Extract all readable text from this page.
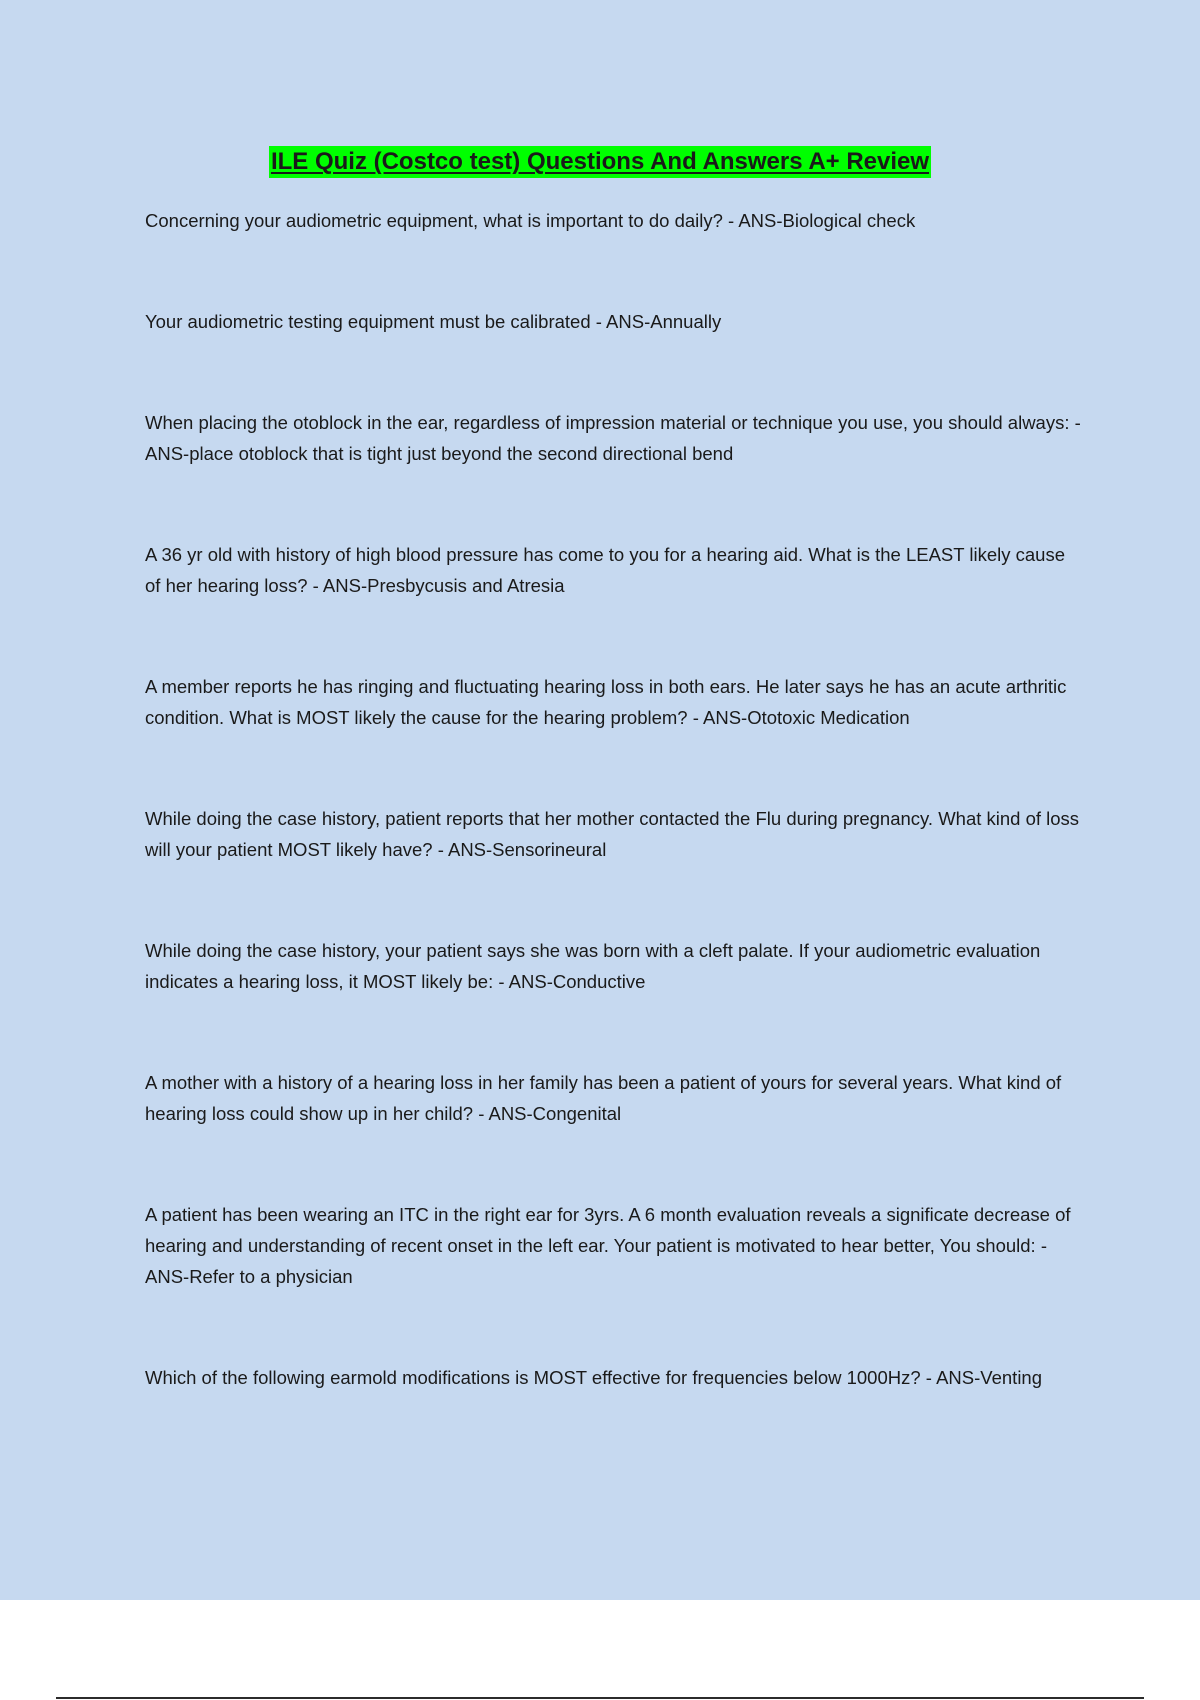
ILE Quiz (Costco test) Questions And Answers A+ Review
Concerning your audiometric equipment, what is important to do daily? - ANS-Biological check
Your audiometric testing equipment must be calibrated - ANS-Annually
When placing the otoblock in the ear, regardless of impression material or technique you use, you should always: - ANS-place otoblock that is tight just beyond the second directional bend
A 36 yr old with history of high blood pressure has come to you for a hearing aid. What is the LEAST likely cause of her hearing loss? - ANS-Presbycusis and Atresia
A member reports he has ringing and fluctuating hearing loss in both ears. He later says he has an acute arthritic condition. What is MOST likely the cause for the hearing problem? - ANS-Ototoxic Medication
While doing the case history, patient reports that her mother contacted the Flu during pregnancy. What kind of loss will your patient MOST likely have? - ANS-Sensorineural
While doing the case history, your patient says she was born with a cleft palate. If your audiometric evaluation indicates a hearing loss, it MOST likely be: - ANS-Conductive
A mother with a history of a hearing loss in her family has been a patient of yours for several years. What kind of hearing loss could show up in her child? - ANS-Congenital
A patient has been wearing an ITC in the right ear for 3yrs. A 6 month evaluation reveals a significate decrease of hearing and understanding of recent onset in the left ear. Your patient is motivated to hear better, You should: - ANS-Refer to a physician
Which of the following earmold modifications is MOST effective for frequencies below 1000Hz? - ANS-Venting
